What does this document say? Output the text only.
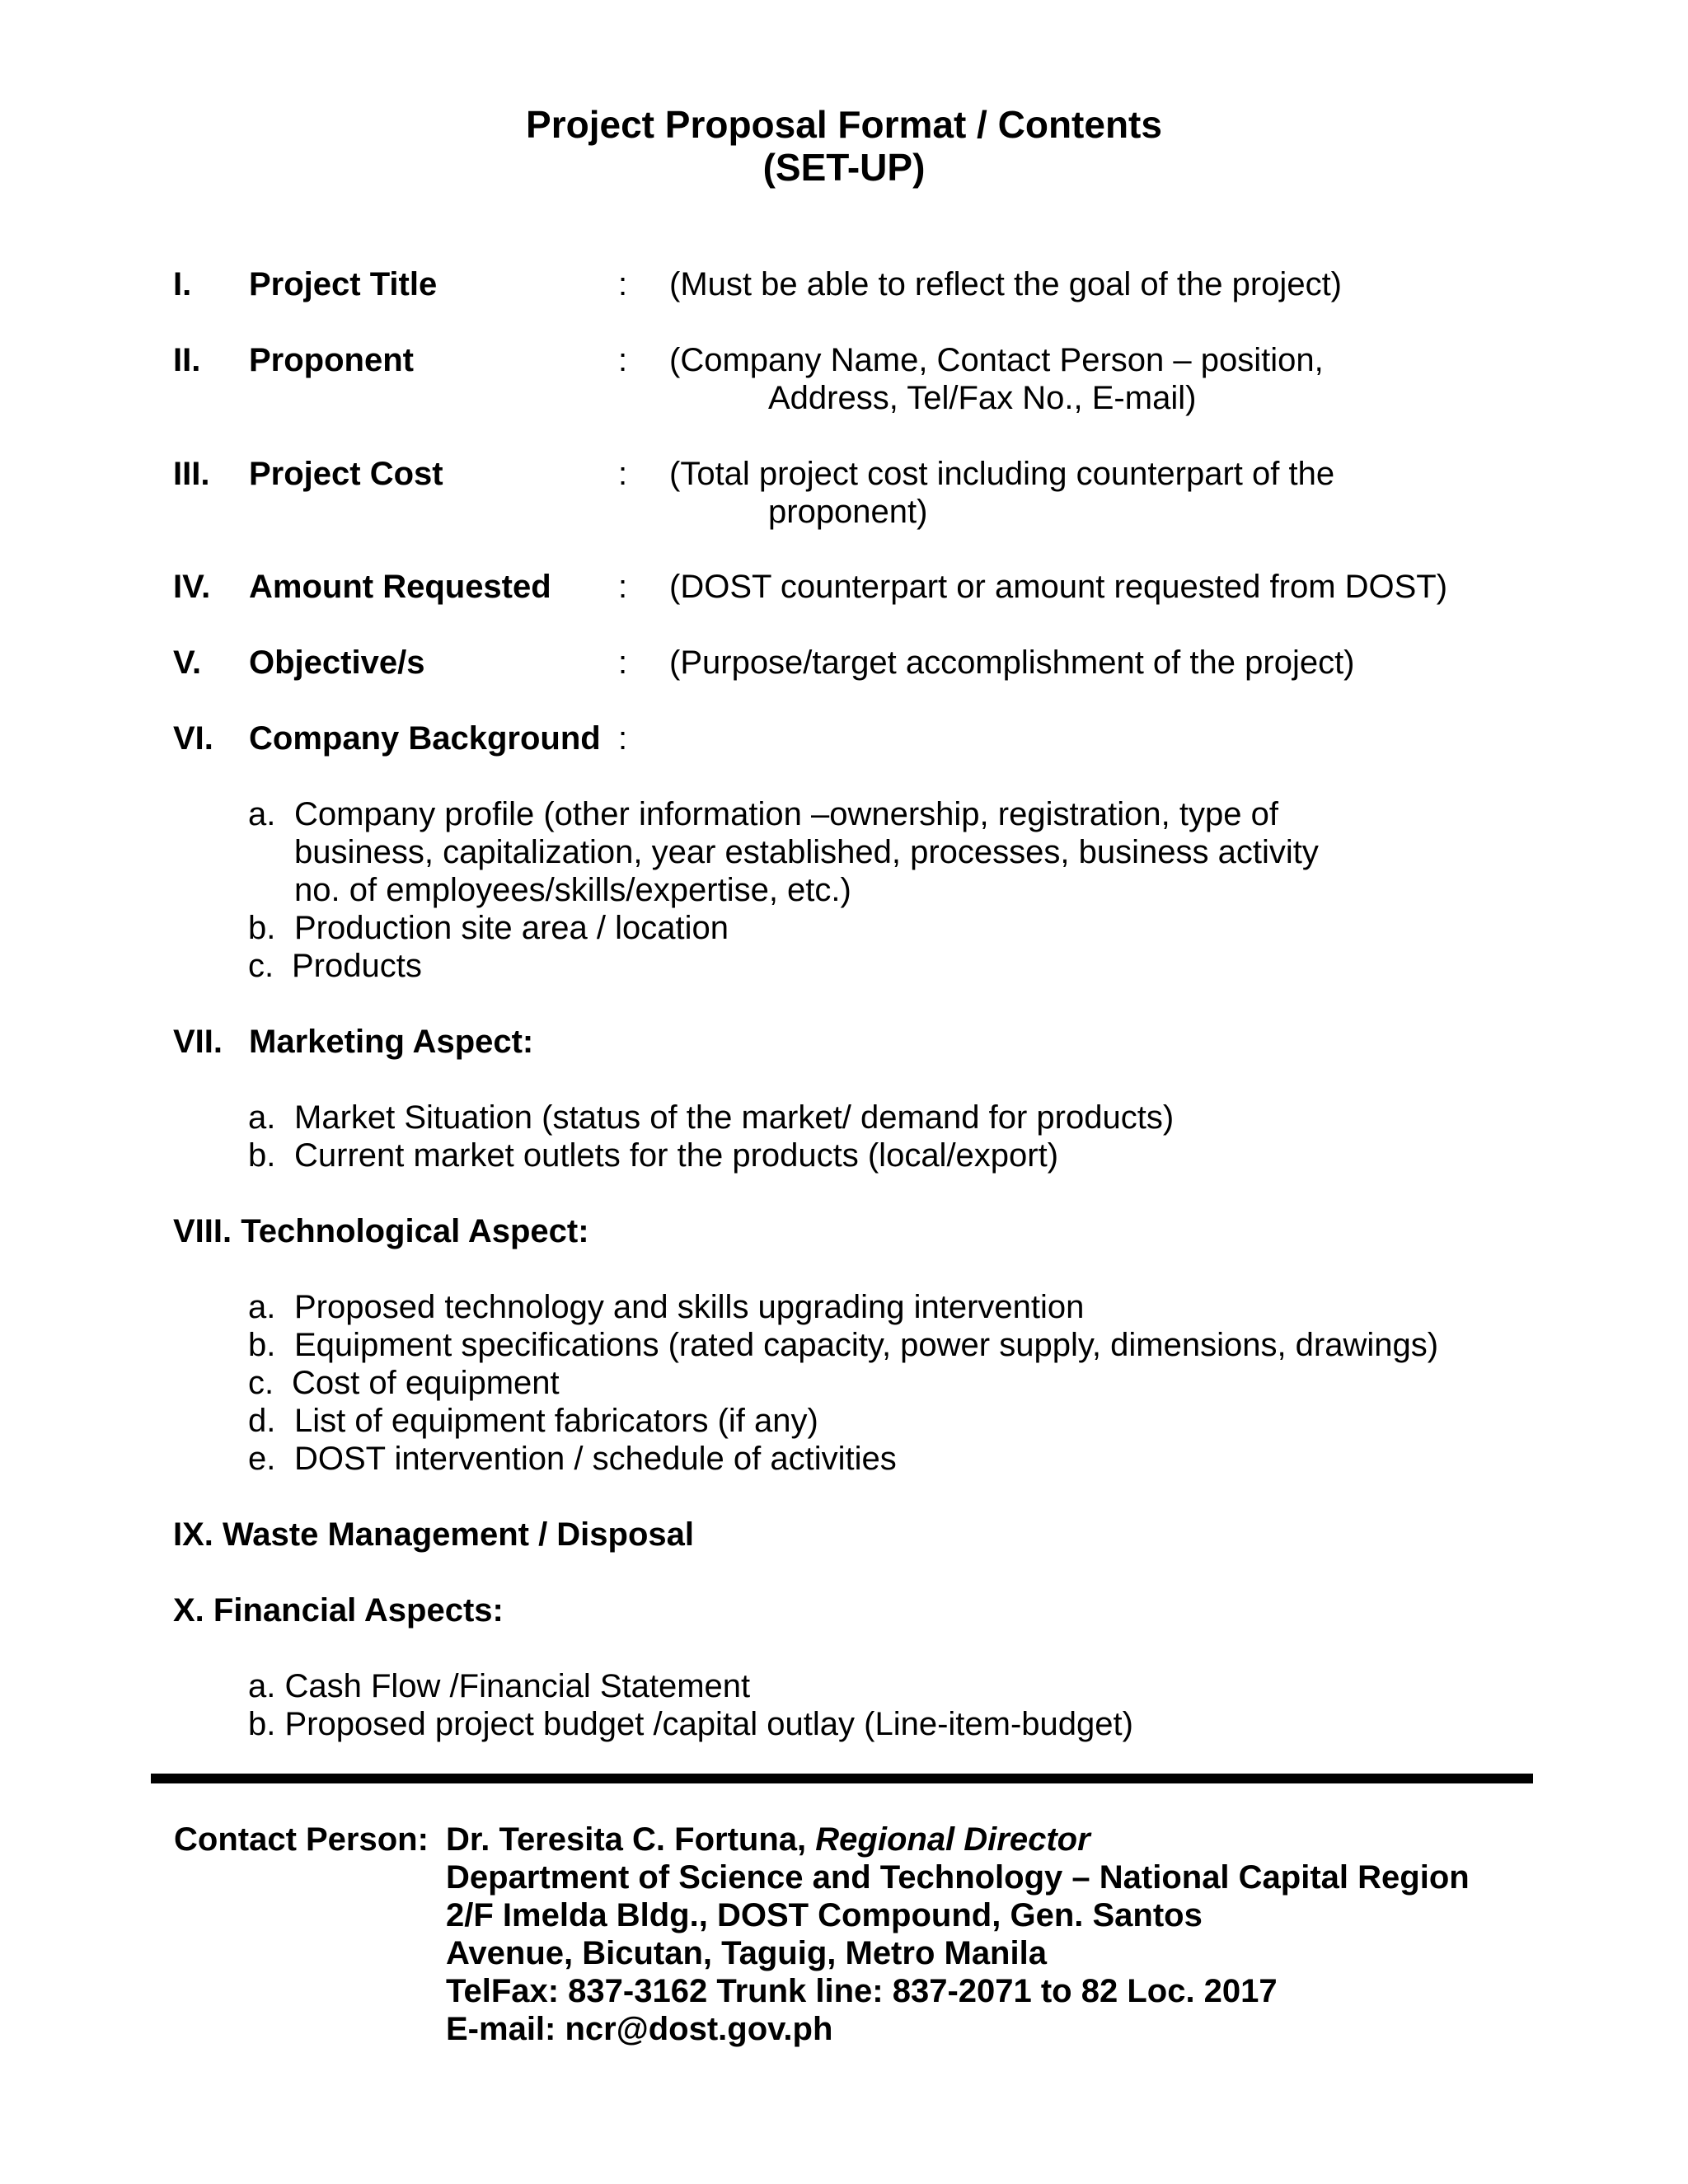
Project Proposal Format / Contents
(SET-UP)
I. Project Title	: (Must be able to reflect the goal of the project)
II. Proponent	: (Company Name, Contact Person – position,
Address, Tel/Fax No., E-mail)
III. Project Cost	: (Total project cost including counterpart of the
proponent)
IV. Amount Requested : (DOST counterpart or amount requested from DOST)
V. Objective/s	: (Purpose/target accomplishment of the project)
VI. Company Background :
a. Company profile (other information –ownership, registration, type of
business, capitalization, year established, processes, business activity
no. of employees/skills/expertise, etc.)
b. Production site area / location
c. Products
VII. Marketing Aspect:
a. Market Situation (status of the market/ demand for products)
b. Current market outlets for the products (local/export)
VIII. Technological Aspect:
a. Proposed technology and skills upgrading intervention
b. Equipment specifications (rated capacity, power supply, dimensions, drawings)
c. Cost of equipment
d. List of equipment fabricators (if any)
e. DOST intervention / schedule of activities
IX. Waste Management / Disposal
X. Financial Aspects:
a. Cash Flow /Financial Statement
b. Proposed project budget /capital outlay (Line-item-budget)
Contact Person: Dr. Teresita C. Fortuna, Regional Director
Department of Science and Technology – National Capital Region
2/F Imelda Bldg., DOST Compound, Gen. Santos
Avenue, Bicutan, Taguig, Metro Manila
TelFax: 837-3162 Trunk line: 837-2071 to 82 Loc. 2017
E-mail: ncr@dost.gov.ph
